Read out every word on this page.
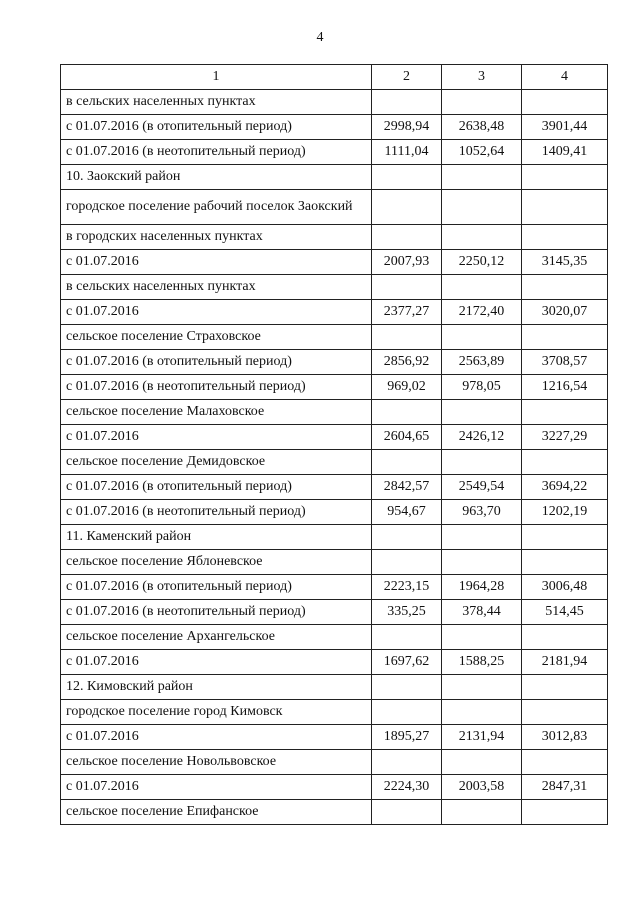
4
1	2	3	4
в сельских населенных пунктах			
с 01.07.2016 (в отопительный период)	2998,94	2638,48	3901,44
с 01.07.2016 (в неотопительный период)	1111,04	1052,64	1409,41
10. Заокский район			
городское поселение рабочий поселок Заокский			
в городских населенных пунктах			
с 01.07.2016	2007,93	2250,12	3145,35
в сельских населенных пунктах			
с 01.07.2016	2377,27	2172,40	3020,07
сельское поселение Страховское			
с 01.07.2016 (в отопительный период)	2856,92	2563,89	3708,57
с 01.07.2016 (в неотопительный период)	969,02	978,05	1216,54
сельское поселение Малаховское			
с 01.07.2016	2604,65	2426,12	3227,29
сельское поселение Демидовское			
с 01.07.2016 (в отопительный период)	2842,57	2549,54	3694,22
с 01.07.2016 (в неотопительный период)	954,67	963,70	1202,19
11. Каменский район			
сельское поселение Яблоневское			
с 01.07.2016 (в отопительный период)	2223,15	1964,28	3006,48
с 01.07.2016 (в неотопительный период)	335,25	378,44	514,45
сельское поселение Архангельское			
с 01.07.2016	1697,62	1588,25	2181,94
12. Кимовский район			
городское поселение город Кимовск			
с 01.07.2016	1895,27	2131,94	3012,83
сельское поселение Новольвовское			
с 01.07.2016	2224,30	2003,58	2847,31
сельское поселение Епифанское			
